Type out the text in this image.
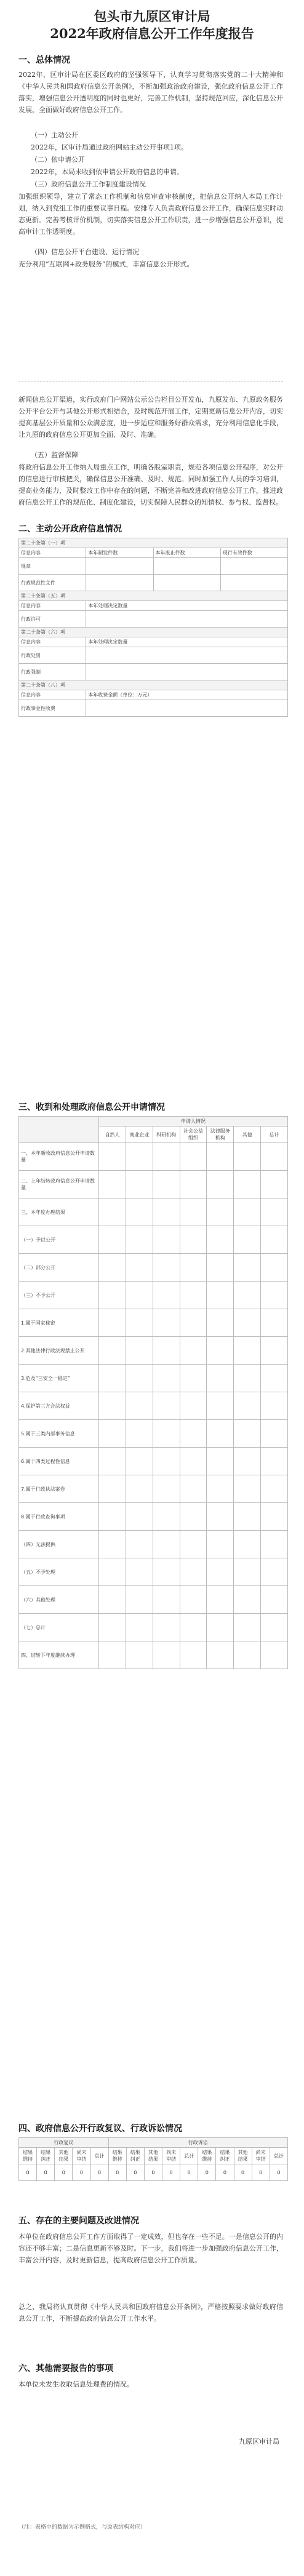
包头市九原区审计局
2022年政府信息公开工作年度报告
一、总体情况
2022年，区审计局在区委区政府的坚强领导下，认真学习贯彻落实党的二十大精神和《中华人民共和国政府信息公开条例》，不断加强政治政府建设，强化政府信息公开工作落实，增强信息公开透明度的同时也更好，完善工作机制，坚持规范回应，深化信息公开发展，全面做好政府信息公开工作。
（一）主动公开
2022年，区审计局通过政府网站主动公开事项1项。
（二）依申请公开
2022年，本局未收到依申请公开政府信息的申请。
（三）政府信息公开工作制度建设情况
加强组织领导，建立了常态工作机制和信息审查审核制度，把信息公开纳入本局工作计划，纳入到党组工作的重要议事日程。安排专人负责政府信息公开工作，确保信息实时动态更新。完善考核评价机制，切实落实信息公开工作职责，进一步增强信息公开意识，提高审计工作透明度。
（四）信息公开平台建设、运行情况
充分利用“互联网+政务服务”的模式，丰富信息公开形式。
新闻信息公开渠道，实行政府门户网站公示公告栏目公开发布，九原发布、九原政务服务公开平台公开与其他公开形式相结合，及时规范开展工作，定期更新信息公开内容，切实提高基层公开质量和公众满意度，进一步适应和服务好群众需求，充分利用信息化手段，让九原的政府信息公开更加全面、及时、准确。
（五）监督保障
将政府信息公开工作纳入局重点工作，明确各股室职责，规范各项信息公开程序，对公开的信息进行审核把关，确保信息公开准确、及时、规范。同时加强工作人员的学习培训，提高业务能力，及时整改工作中存在的问题，不断完善和改进政府信息公开工作，推进政府信息公开工作的规范化、制度化建设，切实保障人民群众的知情权、参与权、监督权。
二、主动公开政府信息情况
第二十条第（一）项			
信息内容	本年制发件数	本年废止件数	现行有效件数
规章			
行政规范性文件			
第二十条第（五）项			
信息内容	本年处理决定数量		
行政许可			
第二十条第（六）项			
信息内容	本年处理决定数量		
行政处罚			
行政强制			
第二十条第（八）项			
信息内容	本年收费金额（单位：万元）		
行政事业性收费			
三、收到和处理政府信息公开申请情况
	申请人情况						
	自然人	商业企业	科研机构	社会公益组织	法律服务机构	其他	总计
一、本年新收政府信息公开申请数量							
二、上年结转政府信息公开申请数量							
三、本年度办理结果							
（一）予以公开							
（二）部分公开							
（三）不予公开							
1.属于国家秘密							
2.其他法律行政法规禁止公开							
3.危及“三安全一稳定”							
4.保护第三方合法权益							
5.属于三类内部事务信息							
6.属于四类过程性信息							
7.属于行政执法案卷							
8.属于行政查询事项							
（四）无法提供							
（五）不予处理							
（六）其他处理							
（七）总计							
四、结转下年度继续办理							
四、政府信息公开行政复议、行政诉讼情况
行政复议					行政诉讼									
结果维持	结果纠正	其他结果	尚未审结	总计	结果维持	结果纠正	其他结果	尚未审结	总计	结果维持	结果纠正	其他结果	尚未审结	总计
0	0	0	0	0	0	0	0	0	0	0	0	0	0	0
五、存在的主要问题及改进情况
本单位在政府信息公开工作方面取得了一定成效，但也存在一些不足。一是信息公开的内容还不够丰富；二是信息更新不够及时。下一步，我们将进一步加强政府信息公开工作，丰富公开内容，及时更新信息，提高政府信息公开工作质量。
总之，我局将认真贯彻《中华人民共和国政府信息公开条例》，严格按照要求做好政府信息公开工作，不断提高政府信息公开工作水平。
六、其他需要报告的事项
本单位未发生收取信息处理费的情况。
九原区审计局
（注：表格中的数据为示例格式，与原表结构对应）
